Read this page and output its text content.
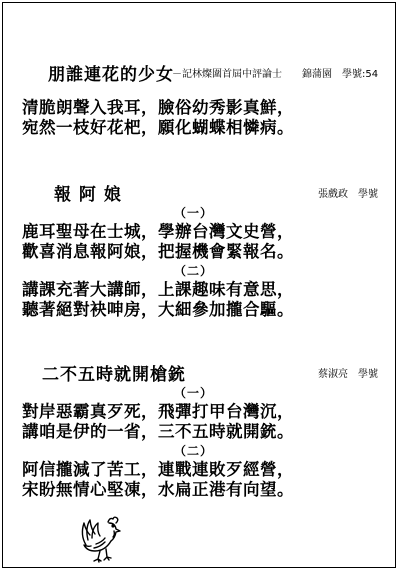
朋誰連花的少女
－記林燦圍首屆中評論士　　錦蒲園　學號:54
清脆朗聲入我耳，臉俗幼秀影真鮮，
宛然一枝好花杷，願化蝴蝶相憐病。
報 阿 娘	張戲政　學號
（一）
鹿耳聖母在士城，學辦台灣文史營，
歡喜消息報阿娘，把握機會緊報名。
（二）
講課充著大講師，上課趣味有意思，
聽著絕對袂呻房，大細參加攏合驅。
二不五時就開槍銃	蔡淑亮　學號
（一）
對岸惡霸真歹死，飛彈打甲台灣沉，
講咱是伊的一省，三不五時就開銃。
（二）
阿信攏減了苦工，連戰連敗歹經營，
宋盼無情心堅凍，水扁正港有向望。
